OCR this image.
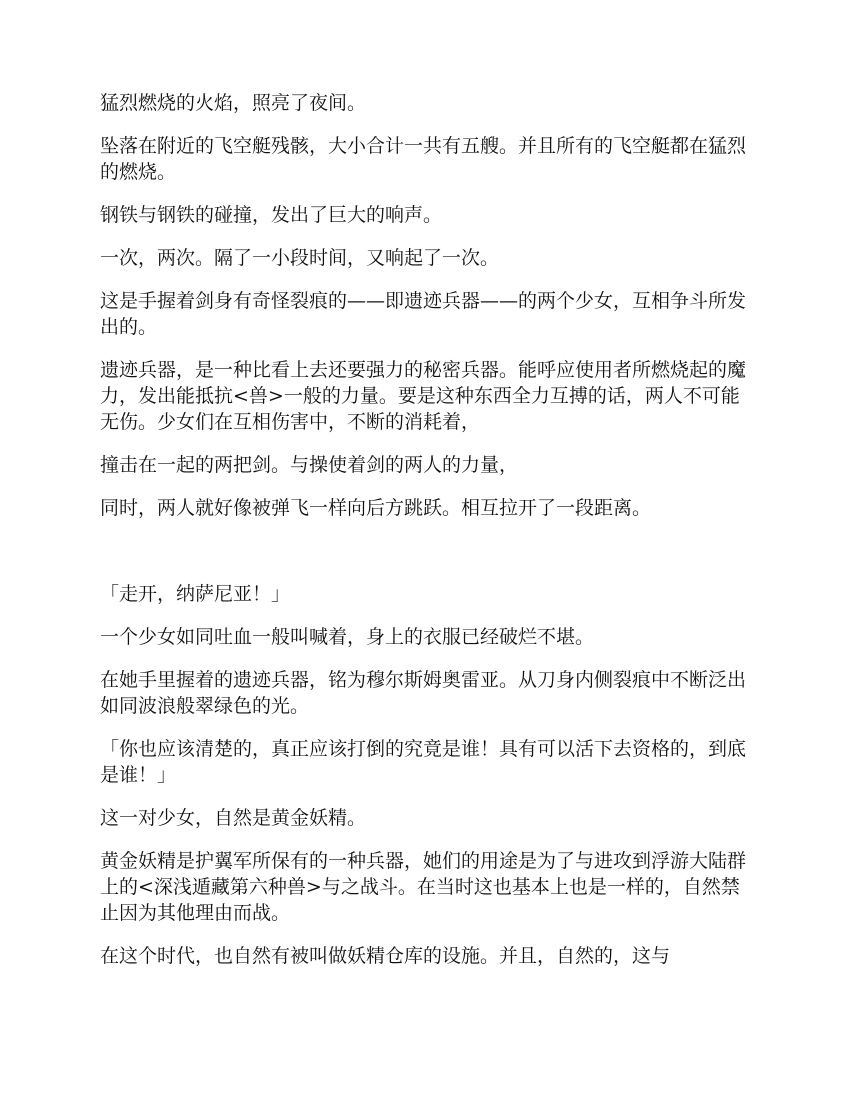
猛烈燃烧的火焰，照亮了夜间。

坠落在附近的飞空艇残骸，大小合计一共有五艘。并且所有的飞空艇都在猛烈的燃烧。

钢铁与钢铁的碰撞，发出了巨大的响声。

一次，两次。隔了一小段时间，又响起了一次。

这是手握着剑身有奇怪裂痕的——即遗迹兵器——的两个少女，互相争斗所发出的。

遗迹兵器，是一种比看上去还要强力的秘密兵器。能呼应使用者所燃烧起的魔力，发出能抵抗<兽>一般的力量。要是这种东西全力互搏的话，两人不可能无伤。少女们在互相伤害中，不断的消耗着，

撞击在一起的两把剑。与操使着剑的两人的力量，

同时，两人就好像被弹飞一样向后方跳跃。相互拉开了一段距离。

「走开，纳萨尼亚！」

一个少女如同吐血一般叫喊着，身上的衣服已经破烂不堪。

在她手里握着的遗迹兵器，铭为穆尔斯姆奥雷亚。从刀身内侧裂痕中不断泛出如同波浪般翠绿色的光。

「你也应该清楚的，真正应该打倒的究竟是谁！具有可以活下去资格的，到底是谁！」

这一对少女，自然是黄金妖精。

黄金妖精是护翼军所保有的一种兵器，她们的用途是为了与进攻到浮游大陆群上的<深浅遁藏第六种兽>与之战斗。在当时这也基本上也是一样的，自然禁止因为其他理由而战。

在这个时代，也自然有被叫做妖精仓库的设施。并且，自然的，这与
